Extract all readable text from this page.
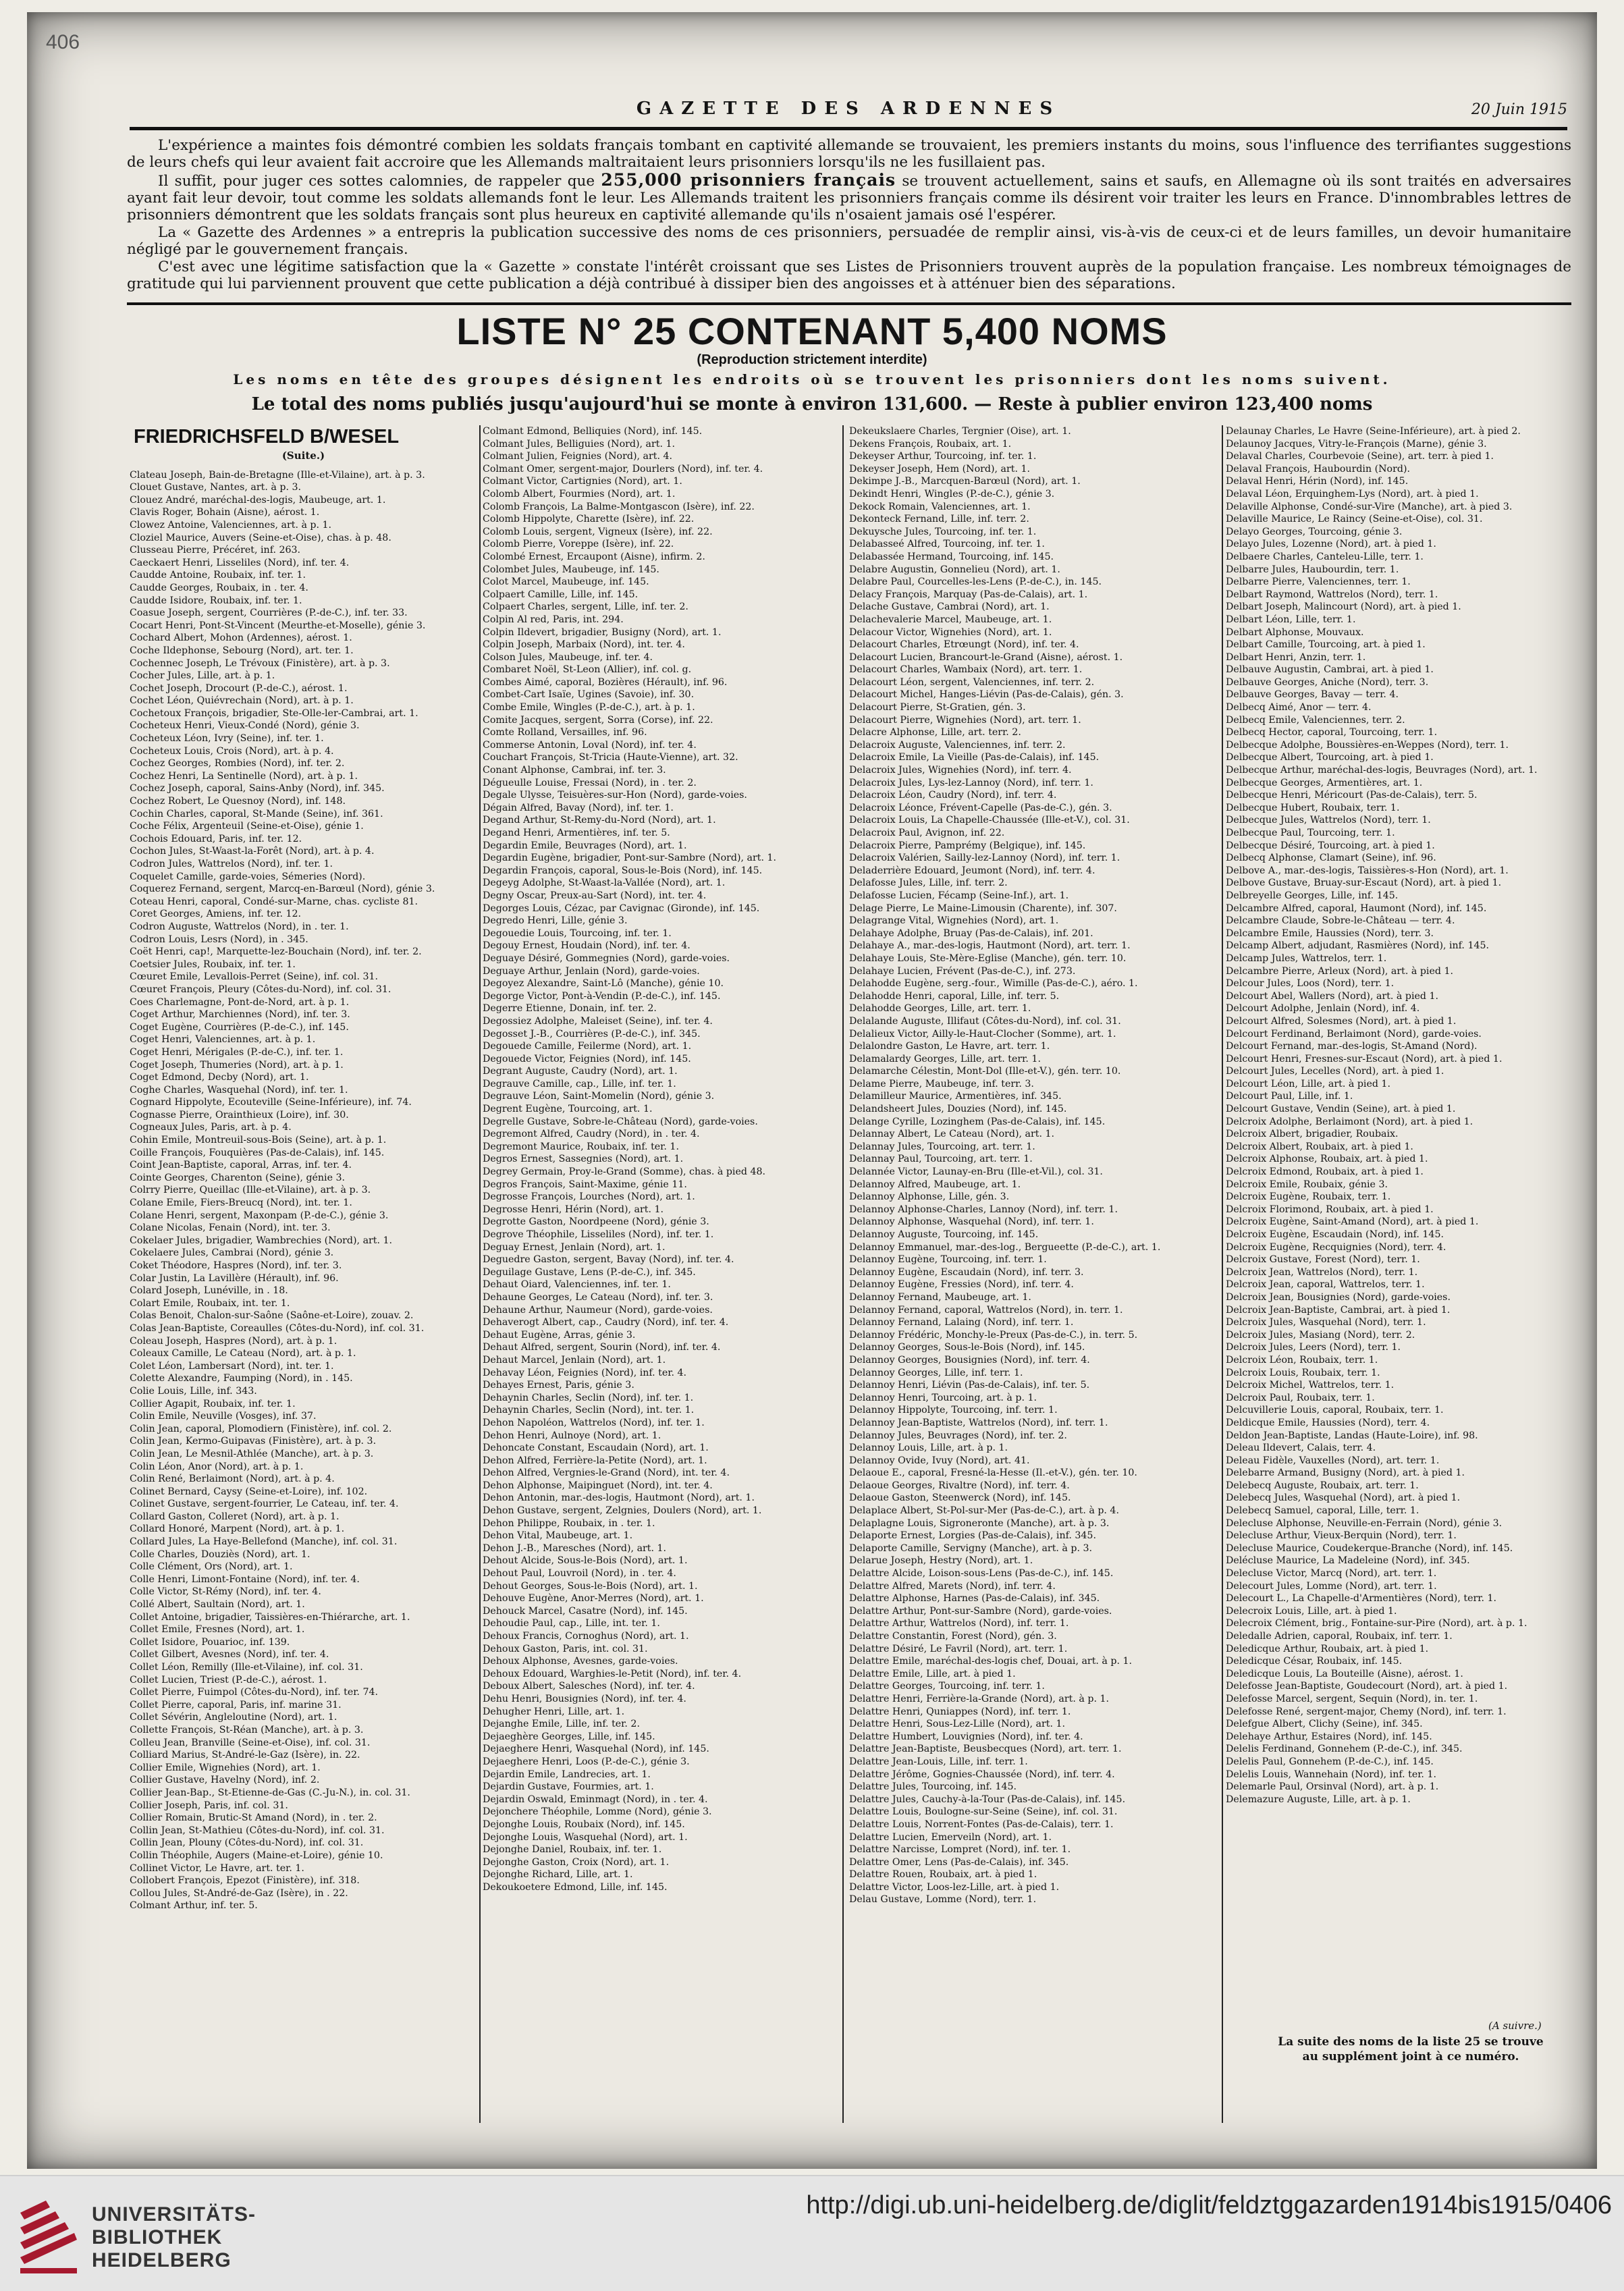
406
GAZETTE DES ARDENNES	20 Juin 1915

L'expérience a maintes fois démontré combien les soldats français tombant en captivité allemande se trouvaient, les premiers instants du moins, sous l'influence des terrifiantes suggestions de leurs chefs qui leur avaient fait accroire que les Allemands maltraitaient leurs prisonniers lorsqu'ils ne les fusillaient pas.

Il suffit, pour juger ces sottes calomnies, de rappeler que 255,000 prisonniers français se trouvent actuellement, sains et saufs, en Allemagne où ils sont traités en adversaires ayant fait leur devoir, tout comme les soldats allemands font le leur. Les Allemands traitent les prisonniers français comme ils désirent voir traiter les leurs en France. D'innombrables lettres de prisonniers démontrent que les soldats français sont plus heureux en captivité allemande qu'ils n'osaient jamais osé l'espérer.

La « Gazette des Ardennes » a entrepris la publication successive des noms de ces prisonniers, persuadée de remplir ainsi, vis-à-vis de ceux-ci et de leurs familles, un devoir humanitaire négligé par le gouvernement français.

C'est avec une légitime satisfaction que la « Gazette » constate l'intérêt croissant que ses Listes de Prisonniers trouvent auprès de la population française. Les nombreux témoignages de gratitude qui lui parviennent prouvent que cette publication a déjà contribué à dissiper bien des angoisses et à atténuer bien des séparations.

LISTE N° 25 CONTENANT 5,400 NOMS
(Reproduction strictement interdite)
Les noms en tête des groupes désignent les endroits où se trouvent les prisonniers dont les noms suivent.
Le total des noms publiés jusqu'aujourd'hui se monte à environ 131,600. — Reste à publier environ 123,400 noms
FRIEDRICHSFELD B/WESEL
(Suite.)
Clateau Joseph, Bain-de-Bretagne (Ille-et-Vilaine), art. à p. 3.
Clouet Gustave, Nantes, art. à p. 3.
Clouez André, maréchal-des-logis, Maubeuge, art. 1.
Clavis Roger, Bohain (Aisne), aérost. 1.
Clowez Antoine, Valenciennes, art. à p. 1.
Cloziel Maurice, Auvers (Seine-et-Oise), chas. à p. 48.
Clusseau Pierre, Précéret, inf. 263.
Caeckaert Henri, Lisseliles (Nord), inf. ter. 4.
Caudde Antoine, Roubaix, inf. ter. 1.
Caudde Georges, Roubaix, in . ter. 4.
Caudde Isidore, Roubaix, inf. ter. 1.
Coasue Joseph, sergent, Courrières (P.-de-C.), inf. ter. 33.
Cocart Henri, Pont-St-Vincent (Meurthe-et-Moselle), génie 3.
Cochard Albert, Mohon (Ardennes), aérost. 1.
Coche Ildephonse, Sebourg (Nord), art. ter. 1.
Cochennec Joseph, Le Trévoux (Finistère), art. à p. 3.
Cocher Jules, Lille, art. à p. 1.
Cochet Joseph, Drocourt (P.-de-C.), aérost. 1.
Cochet Léon, Quiévrechain (Nord), art. à p. 1.
Cochetoux François, brigadier, Ste-Olle-ler-Cambrai, art. 1.
Cocheteux Henri, Vieux-Condé (Nord), génie 3.
Cocheteux Léon, Ivry (Seine), inf. ter. 1.
Cocheteux Louis, Crois (Nord), art. à p. 4.
Cochez Georges, Rombies (Nord), inf. ter. 2.
Cochez Henri, La Sentinelle (Nord), art. à p. 1.
Cochez Joseph, caporal, Sains-Anby (Nord), inf. 345.
Cochez Robert, Le Quesnoy (Nord), inf. 148.
Cochin Charles, caporal, St-Mande (Seine), inf. 361.
Coche Félix, Argenteuil (Seine-et-Oise), génie 1.
Cochois Edouard, Paris, inf. ter. 12.
Cochon Jules, St-Waast-la-Forêt (Nord), art. à p. 4.
Codron Jules, Wattrelos (Nord), inf. ter. 1.
Coquelet Camille, garde-voies, Sémeries (Nord).
Coquerez Fernand, sergent, Marcq-en-Barœul (Nord), génie 3.
Coteau Henri, caporal, Condé-sur-Marne, chas. cycliste 81.
Coret Georges, Amiens, inf. ter. 12.
Codron Auguste, Wattrelos (Nord), in . ter. 1.
Codron Louis, Lesrs (Nord), in . 345.
Coët Henri, cap!, Marquette-lez-Bouchain (Nord), inf. ter. 2.
Coetsier Jules, Roubaix, inf. ter. 1.
Cœuret Emile, Levallois-Perret (Seine), inf. col. 31.
Cœuret François, Pleury (Côtes-du-Nord), inf. col. 31.
Coes Charlemagne, Pont-de-Nord, art. à p. 1.
Coget Arthur, Marchiennes (Nord), inf. ter. 3.
Coget Eugène, Courrières (P.-de-C.), inf. 145.
Coget Henri, Valenciennes, art. à p. 1.
Coget Henri, Mérigales (P.-de-C.), inf. ter. 1.
Coget Joseph, Thumeries (Nord), art. à p. 1.
Coget Edmond, Decby (Nord), art. 1.
Coghe Charles, Wasquehal (Nord), inf. ter. 1.
Cognard Hippolyte, Ecouteville (Seine-Inférieure), inf. 74.
Cognasse Pierre, Orainthieux (Loire), inf. 30.
Cogneaux Jules, Paris, art. à p. 4.
Cohin Emile, Montreuil-sous-Bois (Seine), art. à p. 1.
Coille François, Fouquières (Pas-de-Calais), inf. 145.
Coint Jean-Baptiste, caporal, Arras, inf. ter. 4.
Cointe Georges, Charenton (Seine), génie 3.
Colrry Pierre, Queillac (Ille-et-Vilaine), art. à p. 3.
Colane Emile, Fiers-Breucq (Nord), int. ter. 1.
Colane Henri, sergent, Maxonpam (P.-de-C.), génie 3.
Colane Nicolas, Fenain (Nord), int. ter. 3.
Cokelaer Jules, brigadier, Wambrechies (Nord), art. 1.
Cokelaere Jules, Cambrai (Nord), génie 3.
Coket Théodore, Haspres (Nord), inf. ter. 3.
Colar Justin, La Lavillère (Hérault), inf. 96.
Colard Joseph, Lunéville, in . 18.
Colart Emile, Roubaix, int. ter. 1.
Colas Benoit, Chalon-sur-Saône (Saône-et-Loire), zouav. 2.
Colas Jean-Baptiste, Coreaulles (Côtes-du-Nord), inf. col. 31.
Coleau Joseph, Haspres (Nord), art. à p. 1.
Coleaux Camille, Le Cateau (Nord), art. à p. 1.
Colet Léon, Lambersart (Nord), int. ter. 1.
Colette Alexandre, Faumping (Nord), in . 145.
Colie Louis, Lille, inf. 343.
Collier Agapit, Roubaix, inf. ter. 1.
Colin Emile, Neuville (Vosges), inf. 37.
Colin Jean, caporal, Plomodiern (Finistère), inf. col. 2.
Colin Jean, Kermo-Guipavas (Finistère), art. à p. 3.
Colin Jean, Le Mesnil-Athlée (Manche), art. à p. 3.
Colin Léon, Anor (Nord), art. à p. 1.
Colin René, Berlaimont (Nord), art. à p. 4.
Colinet Bernard, Caysy (Seine-et-Loire), inf. 102.
Colinet Gustave, sergent-fourrier, Le Cateau, inf. ter. 4.
Collard Gaston, Colleret (Nord), art. à p. 1.
Collard Honoré, Marpent (Nord), art. à p. 1.
Collard Jules, La Haye-Bellefond (Manche), inf. col. 31.
Colle Charles, Douziès (Nord), art. 1.
Colle Clément, Ors (Nord), art. 1.
Colle Henri, Limont-Fontaine (Nord), inf. ter. 4.
Colle Victor, St-Rémy (Nord), inf. ter. 4.
Collé Albert, Saultain (Nord), art. 1.
Collet Antoine, brigadier, Taissières-en-Thiérarche, art. 1.
Collet Emile, Fresnes (Nord), art. 1.
Collet Isidore, Pouarioc, inf. 139.
Collet Gilbert, Avesnes (Nord), inf. ter. 4.
Collet Léon, Remilly (Ille-et-Vilaine), inf. col. 31.
Collet Lucien, Triest (P.-de-C.), aérost. 1.
Collet Pierre, Fuimpol (Côtes-du-Nord), inf. ter. 74.
Collet Pierre, caporal, Paris, inf. marine 31.
Collet Sévérin, Angleloutine (Nord), art. 1.
Collette François, St-Réan (Manche), art. à p. 3.
Colleu Jean, Branville (Seine-et-Oise), inf. col. 31.
Colliard Marius, St-André-le-Gaz (Isère), in. 22.
Collier Emile, Wignehies (Nord), art. 1.
Collier Gustave, Havelny (Nord), inf. 2.
Collier Jean-Bap., St-Etienne-de-Gas (C.-Ju-N.), in. col. 31.
Collier Joseph, Paris, inf. col. 31.
Collier Romain, Brutic-St Amand (Nord), in . ter. 2.
Collin Jean, St-Mathieu (Côtes-du-Nord), inf. col. 31.
Collin Jean, Plouny (Côtes-du-Nord), inf. col. 31.
Collin Théophile, Augers (Maine-et-Loire), génie 10.
Collinet Victor, Le Havre, art. ter. 1.
Collobert François, Epezot (Finistère), inf. 318.
Collou Jules, St-André-de-Gaz (Isère), in . 22.
Colmant Arthur, inf. ter. 5.
Colmant Edmond, Belliquies (Nord), inf. 145.
Colmant Jules, Belliguies (Nord), art. 1.
Colmant Julien, Feignies (Nord), art. 4.
Colmant Omer, sergent-major, Dourlers (Nord), inf. ter. 4.
Colmant Victor, Cartignies (Nord), art. 1.
Colomb Albert, Fourmies (Nord), art. 1.
Colomb François, La Balme-Montgascon (Isère), inf. 22.
Colomb Hippolyte, Charette (Isère), inf. 22.
Colomb Louis, sergent, Vigneux (Isère), inf. 22.
Colomb Pierre, Voreppe (Isère), inf. 22.
Colombé Ernest, Ercaupont (Aisne), infirm. 2.
Colombet Jules, Maubeuge, inf. 145.
Colot Marcel, Maubeuge, inf. 145.
Colpaert Camille, Lille, inf. 145.
Colpaert Charles, sergent, Lille, inf. ter. 2.
Colpin Al red, Paris, int. 294.
Colpin Ildevert, brigadier, Busigny (Nord), art. 1.
Colpin Joseph, Marbaix (Nord), int. ter. 4.
Colson Jules, Maubeuge, inf. ter. 4.
Combaret Noël, St-Leon (Allier), inf. col. g.
Combes Aimé, caporal, Bozières (Hérault), inf. 96.
Combet-Cart Isaïe, Ugines (Savoie), inf. 30.
Combe Emile, Wingles (P.-de-C.), art. à p. 1.
Comite Jacques, sergent, Sorra (Corse), inf. 22.
Comte Rolland, Versailles, inf. 96.
Commerse Antonin, Loval (Nord), inf. ter. 4.
Couchart François, St-Tricia (Haute-Vienne), art. 32.
Conant Alphonse, Cambrai, inf. ter. 3.
Dégueulle Louise, Fressai (Nord), in . ter. 2.
Degale Ulysse, Teisuères-sur-Hon (Nord), garde-voies.
Dégain Alfred, Bavay (Nord), inf. ter. 1.
Degand Arthur, St-Remy-du-Nord (Nord), art. 1.
Degand Henri, Armentières, inf. ter. 5.
Degardin Emile, Beuvrages (Nord), art. 1.
Degardin Eugène, brigadier, Pont-sur-Sambre (Nord), art. 1.
Degardin François, caporal, Sous-le-Bois (Nord), inf. 145.
Degeyg Adolphe, St-Waast-la-Vallée (Nord), art. 1.
Degny Oscar, Preux-au-Sart (Nord), int. ter. 4.
Degorges Louis, Cézac, par Cavignac (Gironde), inf. 145.
Degredo Henri, Lille, génie 3.
Degouedie Louis, Tourcoing, inf. ter. 1.
Degouy Ernest, Houdain (Nord), inf. ter. 4.
Deguaye Désiré, Gommegnies (Nord), garde-voies.
Deguaye Arthur, Jenlain (Nord), garde-voies.
Degoyez Alexandre, Saint-Lô (Manche), génie 10.
Degorge Victor, Pont-à-Vendin (P.-de-C.), inf. 145.
Degerre Etienne, Donain, inf. ter. 2.
Degossiez Adolphe, Maleiset (Seine), inf. ter. 4.
Degosset J.-B., Courrières (P.-de-C.), inf. 345.
Degouede Camille, Feilerme (Nord), art. 1.
Degouede Victor, Feignies (Nord), inf. 145.
Degrant Auguste, Caudry (Nord), art. 1.
Degrauve Camille, cap., Lille, inf. ter. 1.
Degrauve Léon, Saint-Momelin (Nord), génie 3.
Degrent Eugène, Tourcoing, art. 1.
Degrelle Gustave, Sobre-le-Château (Nord), garde-voies.
Degremont Alfred, Caudry (Nord), in . ter. 4.
Degremont Maurice, Roubaix, inf. ter. 1.
Degros Ernest, Sassegnies (Nord), art. 1.
Degrey Germain, Proy-le-Grand (Somme), chas. à pied 48.
Degros François, Saint-Maxime, génie 11.
Degrosse François, Lourches (Nord), art. 1.
Degrosse Henri, Hérin (Nord), art. 1.
Degrotte Gaston, Noordpeene (Nord), génie 3.
Degrove Théophile, Lisseliles (Nord), inf. ter. 1.
Deguay Ernest, Jenlain (Nord), art. 1.
Deguedre Gaston, sergent, Bavay (Nord), inf. ter. 4.
Deguilage Gustave, Lens (P.-de-C.), inf. 345.
Dehaut Oiard, Valenciennes, inf. ter. 1.
Dehaune Georges, Le Cateau (Nord), inf. ter. 3.
Dehaune Arthur, Naumeur (Nord), garde-voies.
Dehaverogt Albert, cap., Caudry (Nord), inf. ter. 4.
Dehaut Eugène, Arras, génie 3.
Dehaut Alfred, sergent, Sourin (Nord), inf. ter. 4.
Dehaut Marcel, Jenlain (Nord), art. 1.
Dehavay Léon, Feignies (Nord), inf. ter. 4.
Dehayes Ernest, Paris, génie 3.
Dehaynin Charles, Seclin (Nord), inf. ter. 1.
Dehaynin Charles, Seclin (Nord), int. ter. 1.
Dehon Napoléon, Wattrelos (Nord), inf. ter. 1.
Dehon Henri, Aulnoye (Nord), art. 1.
Dehoncate Constant, Escaudain (Nord), art. 1.
Dehon Alfred, Ferrière-la-Petite (Nord), art. 1.
Dehon Alfred, Vergnies-le-Grand (Nord), int. ter. 4.
Dehon Alphonse, Maipinguet (Nord), int. ter. 4.
Dehon Antonin, mar.-des-logis, Hautmont (Nord), art. 1.
Dehon Gustave, sergent, Zelgnies, Doulers (Nord), art. 1.
Dehon Philippe, Roubaix, in . ter. 1.
Dehon Vital, Maubeuge, art. 1.
Dehon J.-B., Maresches (Nord), art. 1.
Dehout Alcide, Sous-le-Bois (Nord), art. 1.
Dehout Paul, Louvroil (Nord), in . ter. 4.
Dehout Georges, Sous-le-Bois (Nord), art. 1.
Dehouve Eugène, Anor-Merres (Nord), art. 1.
Dehouck Marcel, Casatre (Nord), inf. 145.
Dehoudie Paul, cap., Lille, int. ter. 1.
Dehoux Francis, Cornoghus (Nord), art. 1.
Dehoux Gaston, Paris, int. col. 31.
Dehoux Alphonse, Avesnes, garde-voies.
Dehoux Edouard, Warghies-le-Petit (Nord), inf. ter. 4.
Deboux Albert, Salesches (Nord), inf. ter. 4.
Dehu Henri, Bousignies (Nord), inf. ter. 4.
Dehugher Henri, Lille, art. 1.
Dejanghe Emile, Lille, inf. ter. 2.
Dejaeghère Georges, Lille, inf. 145.
Dejaeghere Henri, Wasquehal (Nord), inf. 145.
Dejaeghere Henri, Loos (P.-de-C.), génie 3.
Dejardin Emile, Landrecies, art. 1.
Dejardin Gustave, Fourmies, art. 1.
Dejardin Oswald, Eminmagt (Nord), in . ter. 4.
Dejonchere Théophile, Lomme (Nord), génie 3.
Dejonghe Louis, Roubaix (Nord), inf. 145.
Dejonghe Louis, Wasquehal (Nord), art. 1.
Dejonghe Daniel, Roubaix, inf. ter. 1.
Dejonghe Gaston, Croix (Nord), art. 1.
Dejonghe Richard, Lille, art. 1.
Dekoukoetere Edmond, Lille, inf. 145.
Dekeukslaere Charles, Tergnier (Oise), art. 1.
Dekens François, Roubaix, art. 1.
Dekeyser Arthur, Tourcoing, inf. ter. 1.
Dekeyser Joseph, Hem (Nord), art. 1.
Dekimpe J.-B., Marcquen-Barœul (Nord), art. 1.
Dekindt Henri, Wingles (P.-de-C.), génie 3.
Dekock Romain, Valenciennes, art. 1.
Dekonteck Fernand, Lille, inf. terr. 2.
Dekuysche Jules, Tourcoing, inf. ter. 1.
Delabasseé Alfred, Tourcoing, inf. ter. 1.
Delabassée Hermand, Tourcoing, inf. 145.
Delabre Augustin, Gonnelieu (Nord), art. 1.
Delabre Paul, Courcelles-les-Lens (P.-de-C.), in. 145.
Delacy François, Marquay (Pas-de-Calais), art. 1.
Delache Gustave, Cambrai (Nord), art. 1.
Delachevalerie Marcel, Maubeuge, art. 1.
Delacour Victor, Wignehies (Nord), art. 1.
Delacourt Charles, Etrœungt (Nord), inf. ter. 4.
Delacourt Lucien, Brancourt-le-Grand (Aisne), aérost. 1.
Delacourt Charles, Wambaix (Nord), art. terr. 1.
Delacourt Léon, sergent, Valenciennes, inf. terr. 2.
Delacourt Michel, Hanges-Liévin (Pas-de-Calais), gén. 3.
Delacourt Pierre, St-Gratien, gén. 3.
Delacourt Pierre, Wignehies (Nord), art. terr. 1.
Delacre Alphonse, Lille, art. terr. 2.
Delacroix Auguste, Valenciennes, inf. terr. 2.
Delacroix Emile, La Vieille (Pas-de-Calais), inf. 145.
Delacroix Jules, Wignehies (Nord), inf. terr. 4.
Delacroix Jules, Lys-lez-Lannoy (Nord), inf. terr. 1.
Delacroix Léon, Caudry (Nord), inf. terr. 4.
Delacroix Léonce, Frévent-Capelle (Pas-de-C.), gén. 3.
Delacroix Louis, La Chapelle-Chaussée (Ille-et-V.), col. 31.
Delacroix Paul, Avignon, inf. 22.
Delacroix Pierre, Pamprémy (Belgique), inf. 145.
Delacroix Valérien, Sailly-lez-Lannoy (Nord), inf. terr. 1.
Deladerrière Edouard, Jeumont (Nord), inf. terr. 4.
Delafosse Jules, Lille, inf. terr. 2.
Delafosse Lucien, Fécamp (Seine-Inf.), art. 1.
Delage Pierre, Le Maine-Limousin (Charente), inf. 307.
Delagrange Vital, Wignehies (Nord), art. 1.
Delahaye Adolphe, Bruay (Pas-de-Calais), inf. 201.
Delahaye A., mar.-des-logis, Hautmont (Nord), art. terr. 1.
Delahaye Louis, Ste-Mère-Eglise (Manche), gén. terr. 10.
Delahaye Lucien, Frévent (Pas-de-C.), inf. 273.
Delahodde Eugène, serg.-four., Wimille (Pas-de-C.), aéro. 1.
Delahodde Henri, caporal, Lille, inf. terr. 5.
Delahodde Georges, Lille, art. terr. 1.
Delalande Auguste, Illifaut (Côtes-du-Nord), inf. col. 31.
Delalieux Victor, Ailly-le-Haut-Clocher (Somme), art. 1.
Delalondre Gaston, Le Havre, art. terr. 1.
Delamalardy Georges, Lille, art. terr. 1.
Delamarche Célestin, Mont-Dol (Ille-et-V.), gén. terr. 10.
Delame Pierre, Maubeuge, inf. terr. 3.
Delamilleur Maurice, Armentières, inf. 345.
Delandsheert Jules, Douzies (Nord), inf. 145.
Delange Cyrille, Lozinghem (Pas-de-Calais), inf. 145.
Delannay Albert, Le Cateau (Nord), art. 1.
Delannay Jules, Tourcoing, art. terr. 1.
Delannay Paul, Tourcoing, art. terr. 1.
Delannée Victor, Launay-en-Bru (Ille-et-Vil.), col. 31.
Delannoy Alfred, Maubeuge, art. 1.
Delannoy Alphonse, Lille, gén. 3.
Delannoy Alphonse-Charles, Lannoy (Nord), inf. terr. 1.
Delannoy Alphonse, Wasquehal (Nord), inf. terr. 1.
Delannoy Auguste, Tourcoing, inf. 145.
Delannoy Emmanuel, mar.-des-log., Bergueette (P.-de-C.), art. 1.
Delannoy Eugène, Tourcoing, inf. terr. 1.
Delannoy Eugène, Escaudain (Nord), inf. terr. 3.
Delannoy Eugène, Fressies (Nord), inf. terr. 4.
Delannoy Fernand, Maubeuge, art. 1.
Delannoy Fernand, caporal, Wattrelos (Nord), in. terr. 1.
Delannoy Fernand, Lalaing (Nord), inf. terr. 1.
Delannoy Frédéric, Monchy-le-Preux (Pas-de-C.), in. terr. 5.
Delannoy Georges, Sous-le-Bois (Nord), inf. 145.
Delannoy Georges, Bousignies (Nord), inf. terr. 4.
Delannoy Georges, Lille, inf. terr. 1.
Delannoy Henri, Liévin (Pas-de-Calais), inf. ter. 5.
Delannoy Henri, Tourcoing, art. à p. 1.
Delannoy Hippolyte, Tourcoing, inf. terr. 1.
Delannoy Jean-Baptiste, Wattrelos (Nord), inf. terr. 1.
Delannoy Jules, Beuvrages (Nord), inf. ter. 2.
Delannoy Louis, Lille, art. à p. 1.
Delannoy Ovide, Ivuy (Nord), art. 41.
Delaoue E., caporal, Fresné-la-Hesse (Il.-et-V.), gén. ter. 10.
Delaoue Georges, Rivaltre (Nord), inf. terr. 4.
Delaoue Gaston, Steenwerck (Nord), inf. 145.
Delaplace Albert, St-Pol-sur-Mer (Pas-de-C.), art. à p. 4.
Delaplagne Louis, Sigroneronte (Manche), art. à p. 3.
Delaporte Ernest, Lorgies (Pas-de-Calais), inf. 345.
Delaporte Camille, Servigny (Manche), art. à p. 3.
Delarue Joseph, Hestry (Nord), art. 1.
Delattre Alcide, Loison-sous-Lens (Pas-de-C.), inf. 145.
Delattre Alfred, Marets (Nord), inf. terr. 4.
Delattre Alphonse, Harnes (Pas-de-Calais), inf. 345.
Delattre Arthur, Pont-sur-Sambre (Nord), garde-voies.
Delattre Arthur, Wattrelos (Nord), inf. terr. 1.
Delattre Constantin, Forest (Nord), gén. 3.
Delattre Désiré, Le Favril (Nord), art. terr. 1.
Delattre Emile, maréchal-des-logis chef, Douai, art. à p. 1.
Delattre Emile, Lille, art. à pied 1.
Delattre Georges, Tourcoing, inf. terr. 1.
Delattre Henri, Ferrière-la-Grande (Nord), art. à p. 1.
Delattre Henri, Quniappes (Nord), inf. terr. 1.
Delattre Henri, Sous-Lez-Lille (Nord), art. 1.
Delattre Humbert, Louvignies (Nord), inf. ter. 4.
Delattre Jean-Baptiste, Beusbecques (Nord), art. terr. 1.
Delattre Jean-Louis, Lille, inf. terr. 1.
Delattre Jérôme, Gognies-Chaussée (Nord), inf. terr. 4.
Delattre Jules, Tourcoing, inf. 145.
Delattre Jules, Cauchy-à-la-Tour (Pas-de-Calais), inf. 145.
Delattre Louis, Boulogne-sur-Seine (Seine), inf. col. 31.
Delattre Louis, Norrent-Fontes (Pas-de-Calais), terr. 1.
Delattre Lucien, Emerveiln (Nord), art. 1.
Delattre Narcisse, Lompret (Nord), inf. ter. 1.
Delattre Omer, Lens (Pas-de-Calais), inf. 345.
Delattre Rouen, Roubaix, art. à pied 1.
Delattre Victor, Loos-lez-Lille, art. à pied 1.
Delau Gustave, Lomme (Nord), terr. 1.
Delaunay Charles, Le Havre (Seine-Inférieure), art. à pied 2.
Delaunoy Jacques, Vitry-le-François (Marne), génie 3.
Delaval Charles, Courbevoie (Seine), art. terr. à pied 1.
Delaval François, Haubourdin (Nord).
Delaval Henri, Hérin (Nord), inf. 145.
Delaval Léon, Erquinghem-Lys (Nord), art. à pied 1.
Delaville Alphonse, Condé-sur-Vire (Manche), art. à pied 3.
Delaville Maurice, Le Raincy (Seine-et-Oise), col. 31.
Delayo Georges, Tourcoing, génie 3.
Delayo Jules, Lozenne (Nord), art. à pied 1.
Delbaere Charles, Canteleu-Lille, terr. 1.
Delbarre Jules, Haubourdin, terr. 1.
Delbarre Pierre, Valenciennes, terr. 1.
Delbart Raymond, Wattrelos (Nord), terr. 1.
Delbart Joseph, Malincourt (Nord), art. à pied 1.
Delbart Léon, Lille, terr. 1.
Delbart Alphonse, Mouvaux.
Delbart Camille, Tourcoing, art. à pied 1.
Delbart Henri, Anzin, terr. 1.
Delbauve Augustin, Cambrai, art. à pied 1.
Delbauve Georges, Aniche (Nord), terr. 3.
Delbauve Georges, Bavay — terr. 4.
Delbecq Aimé, Anor — terr. 4.
Delbecq Emile, Valenciennes, terr. 2.
Delbecq Hector, caporal, Tourcoing, terr. 1.
Delbecque Adolphe, Boussières-en-Weppes (Nord), terr. 1.
Delbecque Albert, Tourcoing, art. à pied 1.
Delbecque Arthur, maréchal-des-logis, Beuvrages (Nord), art. 1.
Delbecque Georges, Armentières, art. 1.
Delbecque Henri, Méricourt (Pas-de-Calais), terr. 5.
Delbecque Hubert, Roubaix, terr. 1.
Delbecque Jules, Wattrelos (Nord), terr. 1.
Delbecque Paul, Tourcoing, terr. 1.
Delbecque Désiré, Tourcoing, art. à pied 1.
Delbecq Alphonse, Clamart (Seine), inf. 96.
Delbove A., mar.-des-logis, Taissières-s-Hon (Nord), art. 1.
Delbove Gustave, Bruay-sur-Escaut (Nord), art. à pied 1.
Delbreyelle Georges, Lille, inf. 145.
Delcambre Alfred, caporal, Haumont (Nord), inf. 145.
Delcambre Claude, Sobre-le-Château — terr. 4.
Delcambre Emile, Haussies (Nord), terr. 3.
Delcamp Albert, adjudant, Rasmières (Nord), inf. 145.
Delcamp Jules, Wattrelos, terr. 1.
Delcambre Pierre, Arleux (Nord), art. à pied 1.
Delcour Jules, Loos (Nord), terr. 1.
Delcourt Abel, Wallers (Nord), art. à pied 1.
Delcourt Adolphe, Jenlain (Nord), inf. 4.
Delcourt Alfred, Solesmes (Nord), art. à pied 1.
Delcourt Ferdinand, Berlaimont (Nord), garde-voies.
Delcourt Fernand, mar.-des-logis, St-Amand (Nord).
Delcourt Henri, Fresnes-sur-Escaut (Nord), art. à pied 1.
Delcourt Jules, Lecelles (Nord), art. à pied 1.
Delcourt Léon, Lille, art. à pied 1.
Delcourt Paul, Lille, inf. 1.
Delcourt Gustave, Vendin (Seine), art. à pied 1.
Delcroix Adolphe, Berlaimont (Nord), art. à pied 1.
Delcroix Albert, brigadier, Roubaix.
Delcroix Albert, Roubaix, art. à pied 1.
Delcroix Alphonse, Roubaix, art. à pied 1.
Delcroix Edmond, Roubaix, art. à pied 1.
Delcroix Emile, Roubaix, génie 3.
Delcroix Eugène, Roubaix, terr. 1.
Delcroix Florimond, Roubaix, art. à pied 1.
Delcroix Eugène, Saint-Amand (Nord), art. à pied 1.
Delcroix Eugène, Escaudain (Nord), inf. 145.
Delcroix Eugène, Recquignies (Nord), terr. 4.
Delcroix Gustave, Forest (Nord), terr. 1.
Delcroix Jean, Wattrelos (Nord), terr. 1.
Delcroix Jean, caporal, Wattrelos, terr. 1.
Delcroix Jean, Bousignies (Nord), garde-voies.
Delcroix Jean-Baptiste, Cambrai, art. à pied 1.
Delcroix Jules, Wasquehal (Nord), terr. 1.
Delcroix Jules, Masiang (Nord), terr. 2.
Delcroix Jules, Leers (Nord), terr. 1.
Delcroix Léon, Roubaix, terr. 1.
Delcroix Louis, Roubaix, terr. 1.
Delcroix Michel, Wattrelos, terr. 1.
Delcroix Paul, Roubaix, terr. 1.
Delcuvillerie Louis, caporal, Roubaix, terr. 1.
Deldicque Emile, Haussies (Nord), terr. 4.
Deldon Jean-Baptiste, Landas (Haute-Loire), inf. 98.
Deleau Ildevert, Calais, terr. 4.
Deleau Fidèle, Vauxelles (Nord), art. terr. 1.
Delebarre Armand, Busigny (Nord), art. à pied 1.
Delebecq Auguste, Roubaix, art. terr. 1.
Delebecq Jules, Wasquehal (Nord), art. à pied 1.
Delebecq Samuel, caporal, Lille, terr. 1.
Delecluse Alphonse, Neuville-en-Ferrain (Nord), génie 3.
Delecluse Arthur, Vieux-Berquin (Nord), terr. 1.
Delecluse Maurice, Coudekerque-Branche (Nord), inf. 145.
Delécluse Maurice, La Madeleine (Nord), inf. 345.
Delecluse Victor, Marcq (Nord), art. terr. 1.
Delecourt Jules, Lomme (Nord), art. terr. 1.
Delecourt L., La Chapelle-d'Armentières (Nord), terr. 1.
Delecroix Louis, Lille, art. à pied 1.
Delecroix Clément, brig., Fontaine-sur-Pire (Nord), art. à p. 1.
Deledalle Adrien, caporal, Roubaix, inf. terr. 1.
Deledicque Arthur, Roubaix, art. à pied 1.
Deledicque César, Roubaix, inf. 145.
Deledicque Louis, La Bouteille (Aisne), aérost. 1.
Delefosse Jean-Baptiste, Goudecourt (Nord), art. à pied 1.
Delefosse Marcel, sergent, Sequin (Nord), in. ter. 1.
Delefosse René, sergent-major, Chemy (Nord), inf. terr. 1.
Delefgue Albert, Clichy (Seine), inf. 345.
Delehaye Arthur, Estaires (Nord), inf. 145.
Delelis Ferdinand, Gonnehem (P.-de-C.), inf. 345.
Delelis Paul, Gonnehem (P.-de-C.), inf. 145.
Delelis Louis, Wannehain (Nord), inf. ter. 1.
Delemarle Paul, Orsinval (Nord), art. à p. 1.
Delemazure Auguste, Lille, art. à p. 1.
(A suivre.)
La suite des noms de la liste 25 se trouve au supplément joint à ce numéro.
UNIVERSITÄTS-
BIBLIOTHEK
HEIDELBERG
http://digi.ub.uni-heidelberg.de/diglit/feldztggazarden1914bis1915/0406
